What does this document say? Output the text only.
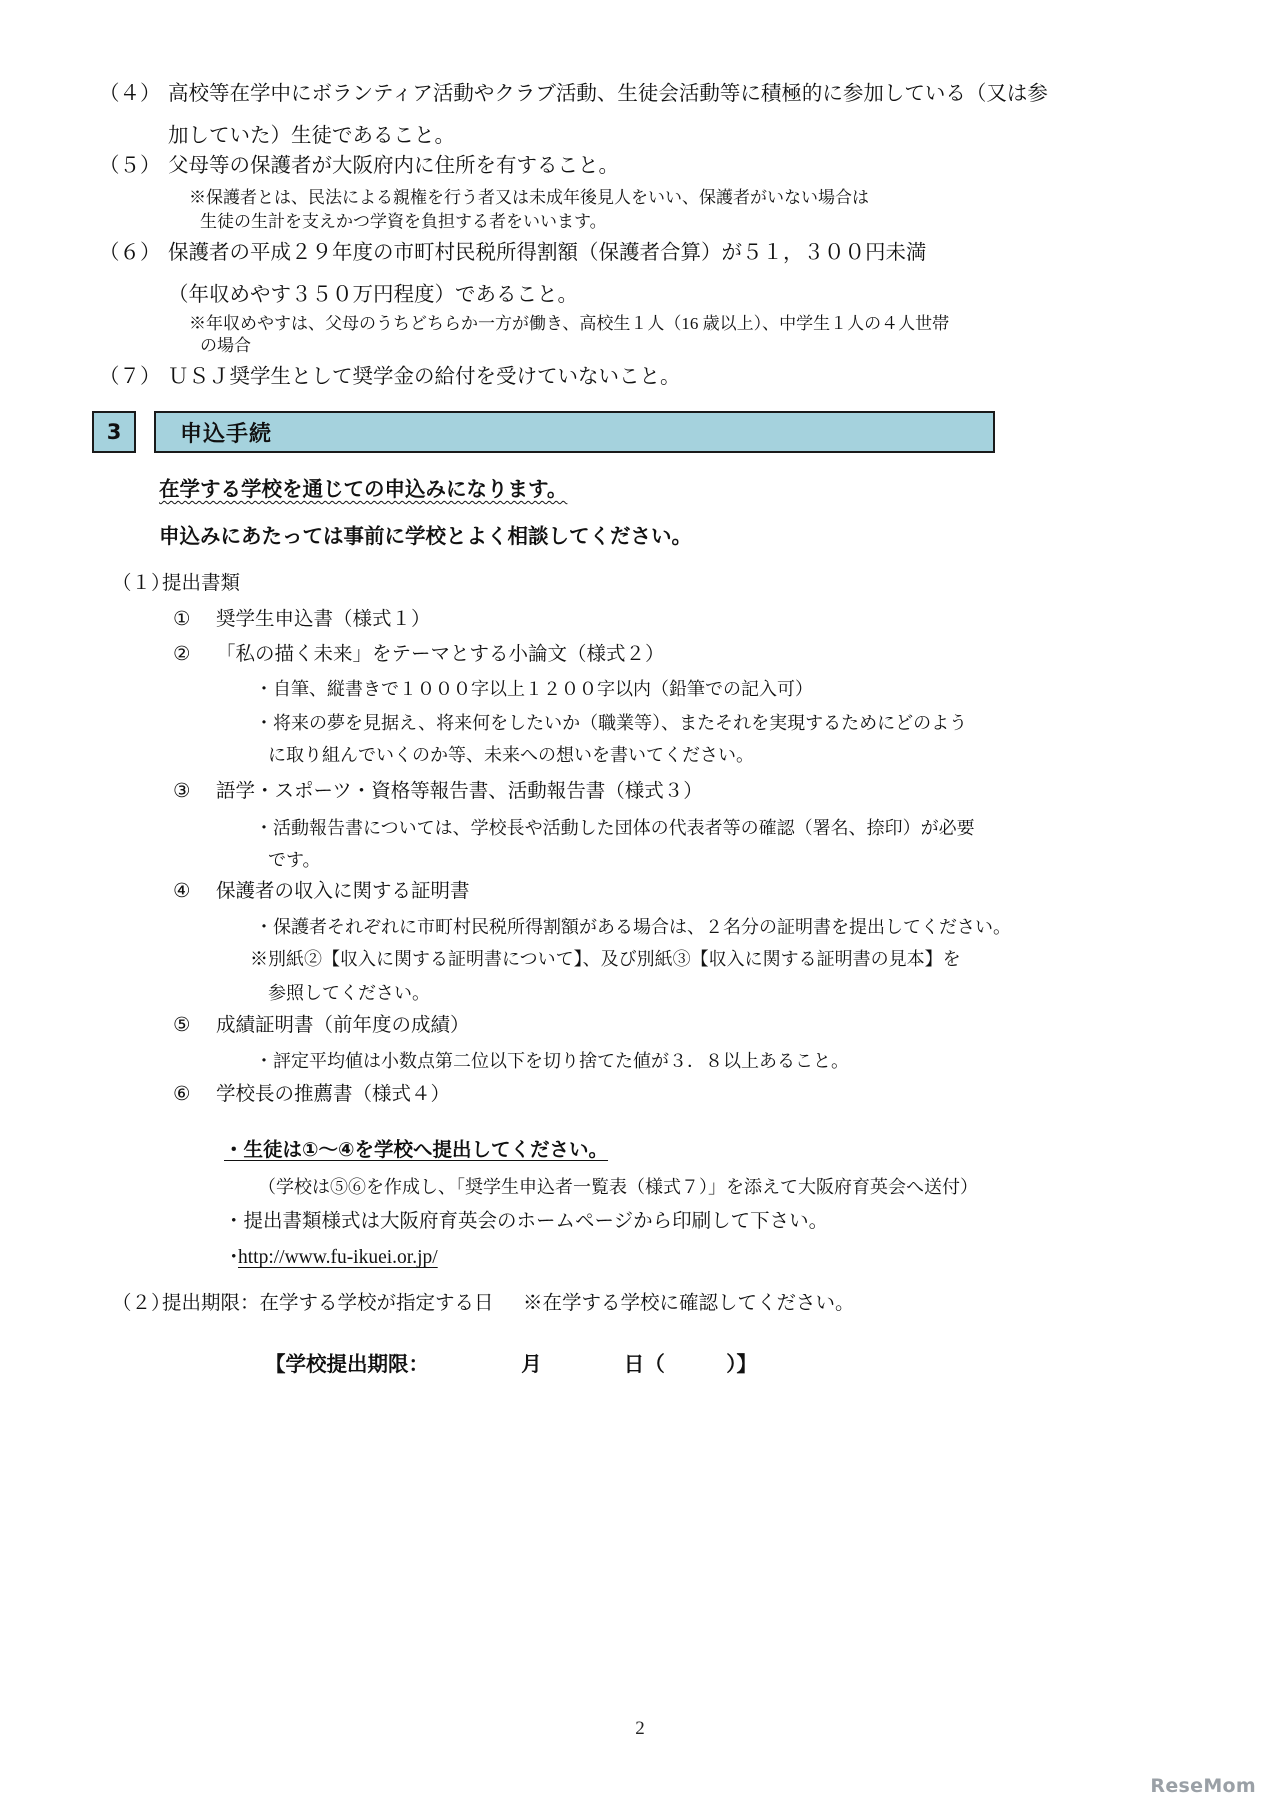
（４） 高校等在学中にボランティア活動やクラブ活動、生徒会活動等に積極的に参加している（又は参
加していた）生徒であること。
（５） 父母等の保護者が大阪府内に住所を有すること。
※保護者とは、民法による親権を行う者又は未成年後見人をいい、保護者がいない場合は
生徒の生計を支えかつ学資を負担する者をいいます。
（６） 保護者の平成２９年度の市町村民税所得割額（保護者合算）が５１，３００円未満
（年収めやす３５０万円程度）であること。
※年収めやすは、父母のうちどちらか一方が働き、高校生１人（16 歳以上）、中学生１人の４人世帯
の場合
（７） ＵＳＪ奨学生として奨学金の給付を受けていないこと。
3	申込手続
在学する学校を通じての申込みになります。
申込みにあたっては事前に学校とよく相談してください。
（１）
提出書類
① 奨学生申込書（様式１）
② 「私の描く未来」をテーマとする小論文（様式２）
・自筆、縦書きで１０００字以上１２００字以内（鉛筆での記入可）
・将来の夢を見据え、将来何をしたいか（職業等）、またそれを実現するためにどのよう
に取り組んでいくのか等、未来への想いを書いてください。
③ 語学・スポーツ・資格等報告書、活動報告書（様式３）
・活動報告書については、学校長や活動した団体の代表者等の確認（署名、捺印）が必要
です。
④ 保護者の収入に関する証明書
・保護者それぞれに市町村民税所得割額がある場合は、２名分の証明書を提出してください。
※別紙②【収入に関する証明書について】、及び別紙③【収入に関する証明書の見本】を
参照してください。
⑤ 成績証明書（前年度の成績）
・評定平均値は小数点第二位以下を切り捨てた値が３．８以上あること。
⑥ 学校長の推薦書（様式４）
・生徒は①～④を学校へ提出してください。
（学校は⑤⑥を作成し、「奨学生申込者一覧表（様式７）」を添えて大阪府育英会へ送付）
・提出書類様式は大阪府育英会のホームページから印刷して下さい。
・
http://www.fu-ikuei.or.jp/
（２）
提出期限：在学する学校が指定する日 ※在学する学校に確認してください。
【学校提出期限：　　　　　月　　　　日（　　　）】
2
ReseMom
